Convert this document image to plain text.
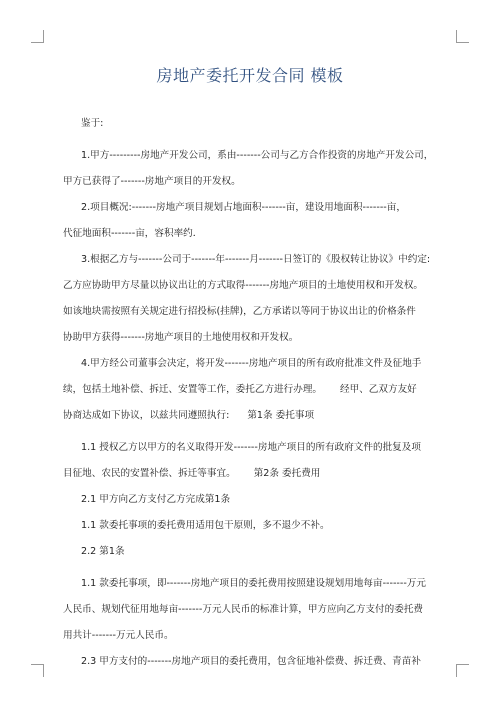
房地产委托开发合同 模板
鉴于:
1.甲方---------房地产开发公司，系由-------公司与乙方合作投资的房地产开发公司，
甲方已获得了-------房地产项目的开发权。
2.项目概况:-------房地产项目规划占地面积-------亩，建设用地面积-------亩，
代征地面积-------亩，容积率约．
3.根据乙方与-------公司于-------年-------月-------日签订的《股权转让协议》中约定:
乙方应协助甲方尽量以协议出让的方式取得-------房地产项目的土地使用权和开发权。
如该地块需按照有关规定进行招投标(挂牌)，乙方承诺以等同于协议出让的价格条件
协助甲方获得-------房地产项目的土地使用权和开发权。
4.甲方经公司董事会决定，将开发-------房地产项目的所有政府批准文件及征地手
续，包括土地补偿、拆迁、安置等工作，委托乙方进行办理。 经甲、乙双方友好
协商达成如下协议，以兹共同遵照执行: 第1条 委托事项
1.1 授权乙方以甲方的名义取得开发-------房地产项目的所有政府文件的批复及项
目征地、农民的安置补偿、拆迁等事宜。 第2条 委托费用
2.1 甲方向乙方支付乙方完成第1条
1.1 款委托事项的委托费用适用包干原则，多不退少不补。
2.2 第1条
1.1 款委托事项，即-------房地产项目的委托费用按照建设规划用地每亩-------万元
人民币、规划代征用地每亩-------万元人民币的标准计算，甲方应向乙方支付的委托费
用共计-------万元人民币。
2.3 甲方支付的-------房地产项目的委托费用，包含征地补偿费、拆迁费、青苗补
